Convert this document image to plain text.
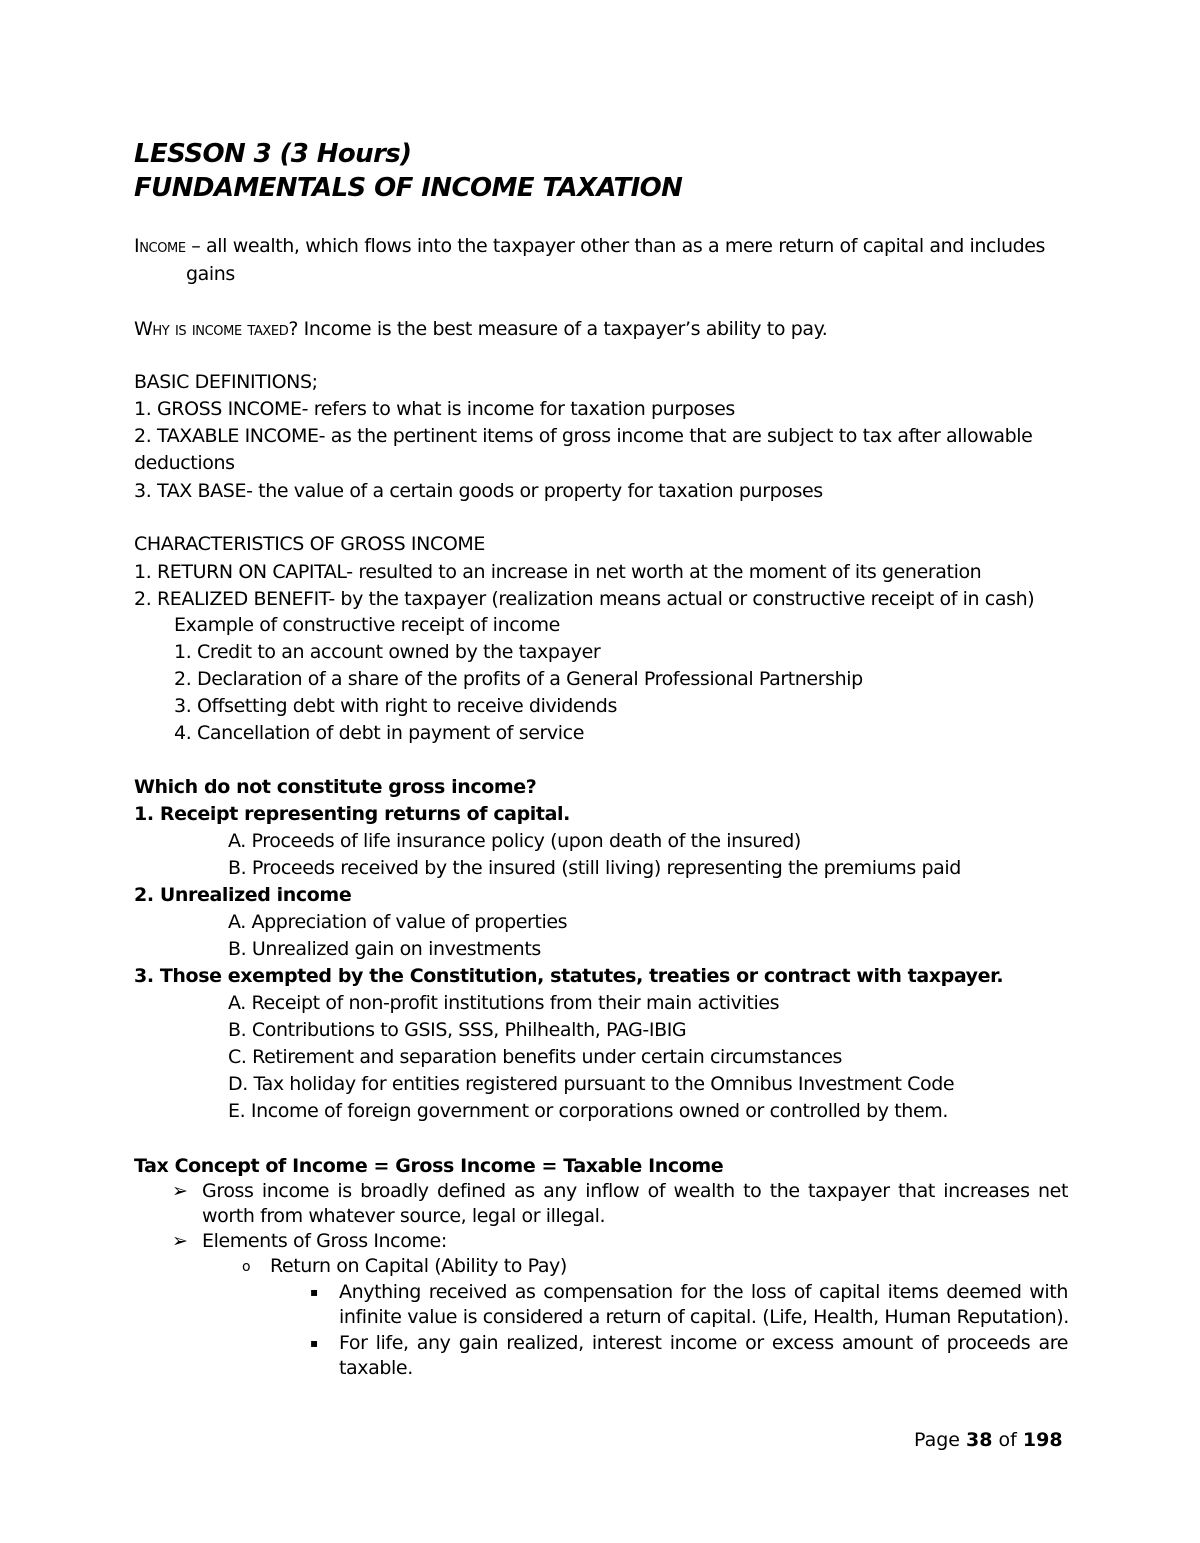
LESSON 3 (3 Hours)
FUNDAMENTALS OF INCOME TAXATION
Income – all wealth, which flows into the taxpayer other than as a mere return of capital and includes
gains
Why is income taxed? Income is the best measure of a taxpayer’s ability to pay.
BASIC DEFINITIONS;
1. GROSS INCOME- refers to what is income for taxation purposes
2. TAXABLE INCOME- as the pertinent items of gross income that are subject to tax after allowable
deductions
3. TAX BASE- the value of a certain goods or property for taxation purposes
CHARACTERISTICS OF GROSS INCOME
1. RETURN ON CAPITAL- resulted to an increase in net worth at the moment of its generation
2. REALIZED BENEFIT- by the taxpayer (realization means actual or constructive receipt of in cash)
Example of constructive receipt of income
1. Credit to an account owned by the taxpayer
2. Declaration of a share of the profits of a General Professional Partnership
3. Offsetting debt with right to receive dividends
4. Cancellation of debt in payment of service
Which do not constitute gross income?
1. Receipt representing returns of capital.
A. Proceeds of life insurance policy (upon death of the insured)
B. Proceeds received by the insured (still living) representing the premiums paid
2. Unrealized income
A. Appreciation of value of properties
B. Unrealized gain on investments
3. Those exempted by the Constitution, statutes, treaties or contract with taxpayer.
A. Receipt of non-profit institutions from their main activities
B. Contributions to GSIS, SSS, Philhealth, PAG-IBIG
C. Retirement and separation benefits under certain circumstances
D. Tax holiday for entities registered pursuant to the Omnibus Investment Code
E. Income of foreign government or corporations owned or controlled by them.
Tax Concept of Income = Gross Income = Taxable Income
➢ Gross income is broadly defined as any inflow of wealth to the taxpayer that increases net
worth from whatever source, legal or illegal.
➢ Elements of Gross Income:
o Return on Capital (Ability to Pay)
▪ Anything received as compensation for the loss of capital items deemed with
infinite value is considered a return of capital. (Life, Health, Human Reputation).
▪ For life, any gain realized, interest income or excess amount of proceeds are
taxable.
Page 38 of 198
